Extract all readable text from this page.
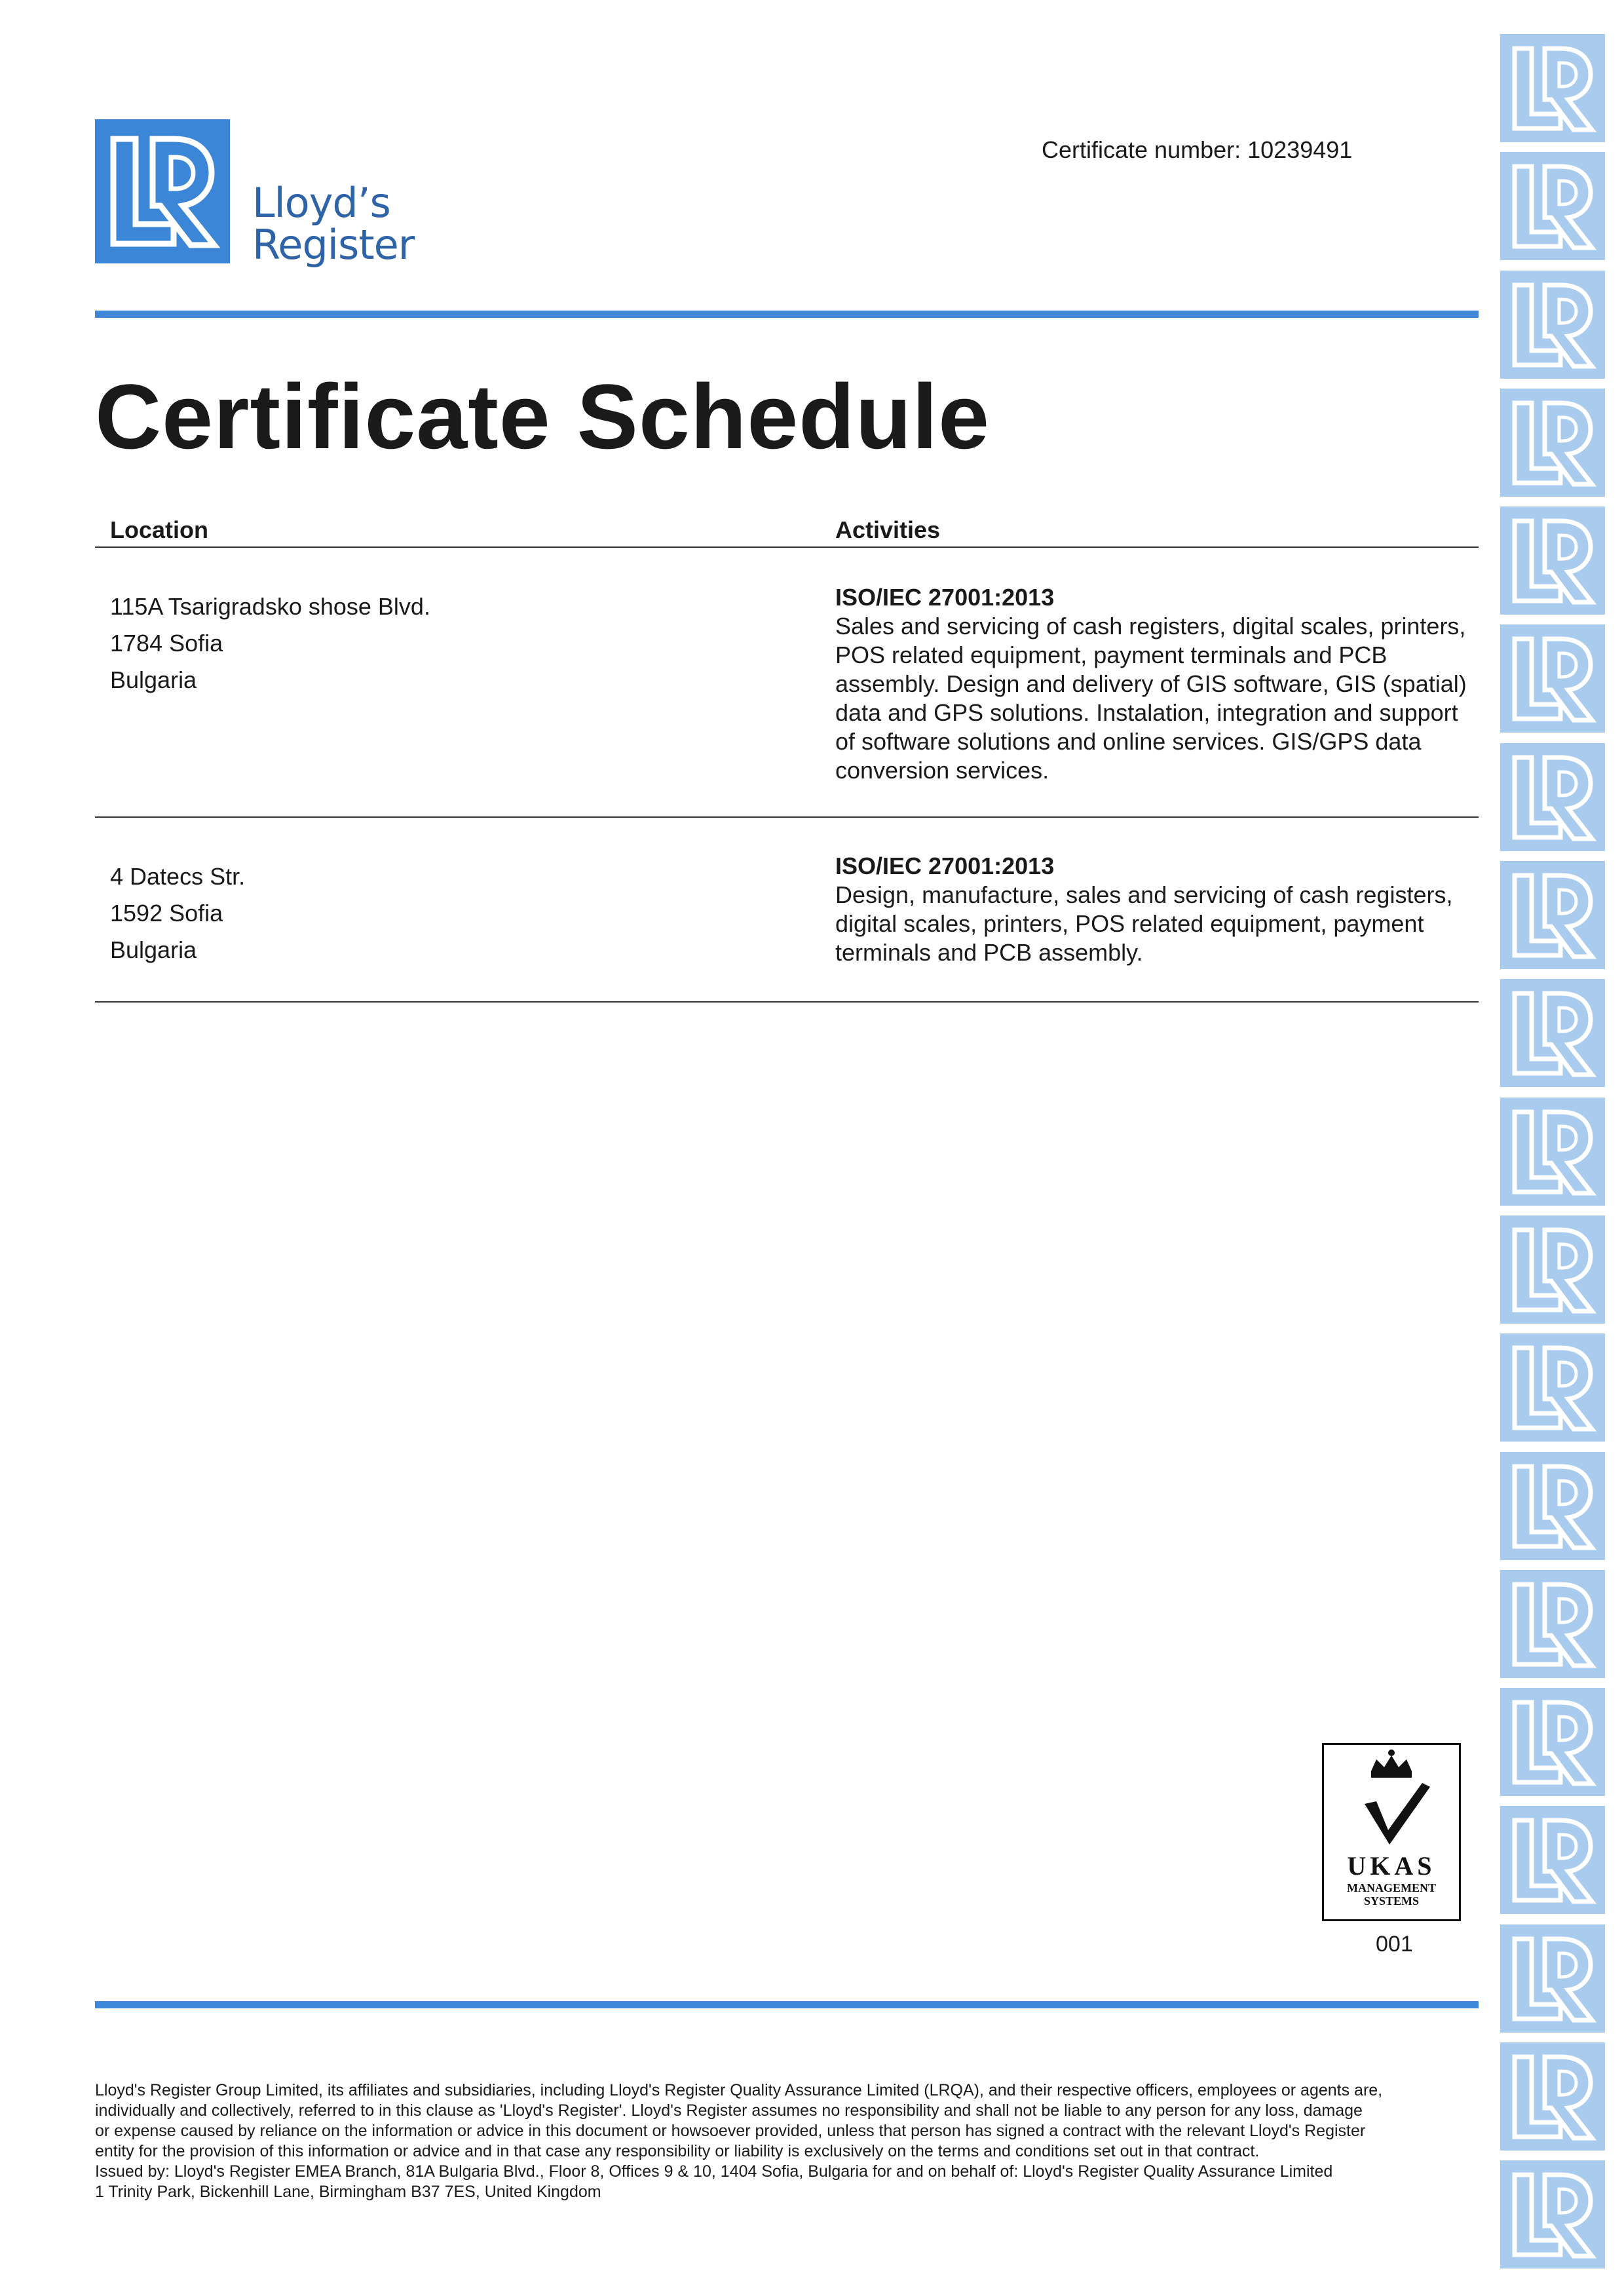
Lloyd’s
Register
Certificate number: 10239491
Certificate Schedule
Location	Activities
115A Tsarigradsko shose Blvd.
1784 Sofia
Bulgaria
ISO/IEC 27001:2013
Sales and servicing of cash registers, digital scales, printers, POS related equipment, payment terminals and PCB assembly. Design and delivery of GIS software, GIS (spatial) data and GPS solutions. Instalation, integration and support of software solutions and online services. GIS/GPS data conversion services.
4 Datecs Str.
1592 Sofia
Bulgaria
ISO/IEC 27001:2013
Design, manufacture, sales and servicing of cash registers, digital scales, printers, POS related equipment, payment terminals and PCB assembly.
UKAS
MANAGEMENT
SYSTEMS
001
Lloyd's Register Group Limited, its affiliates and subsidiaries, including Lloyd's Register Quality Assurance Limited (LRQA), and their respective officers, employees or agents are,
individually and collectively, referred to in this clause as 'Lloyd's Register'. Lloyd's Register assumes no responsibility and shall not be liable to any person for any loss, damage
or expense caused by reliance on the information or advice in this document or howsoever provided, unless that person has signed a contract with the relevant Lloyd's Register
entity for the provision of this information or advice and in that case any responsibility or liability is exclusively on the terms and conditions set out in that contract.
Issued by: Lloyd's Register EMEA Branch, 81A Bulgaria Blvd., Floor 8, Offices 9 & 10, 1404 Sofia, Bulgaria for and on behalf of: Lloyd's Register Quality Assurance Limited
1 Trinity Park, Bickenhill Lane, Birmingham B37 7ES, United Kingdom
